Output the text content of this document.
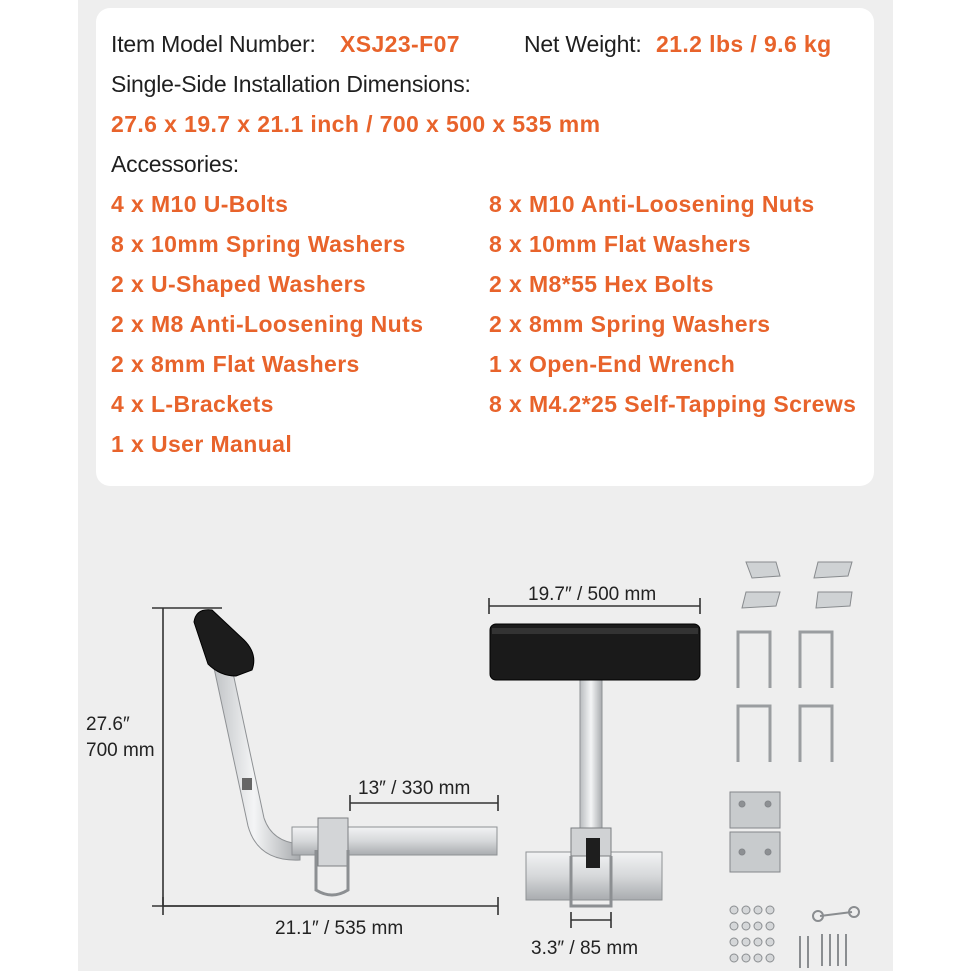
Item Model Number: XSJ23-F07	Net Weight: 21.2 lbs / 9.6 kg
Single-Side Installation Dimensions:
27.6 x 19.7 x 21.1 inch / 700 x 500 x 535 mm
Accessories:
4 x M10 U-Bolts
8 x 10mm Spring Washers
2 x U-Shaped Washers
2 x M8 Anti-Loosening Nuts
2 x 8mm Flat Washers
4 x L-Brackets
1 x User Manual
8 x M10 Anti-Loosening Nuts
8 x 10mm Flat Washers
2 x M8*55 Hex Bolts
2 x 8mm Spring Washers
1 x Open-End Wrench
8 x M4.2*25 Self-Tapping Screws
27.6″
700 mm
13″ / 330 mm
21.1″ / 535 mm
19.7″ / 500 mm
3.3″ / 85 mm
